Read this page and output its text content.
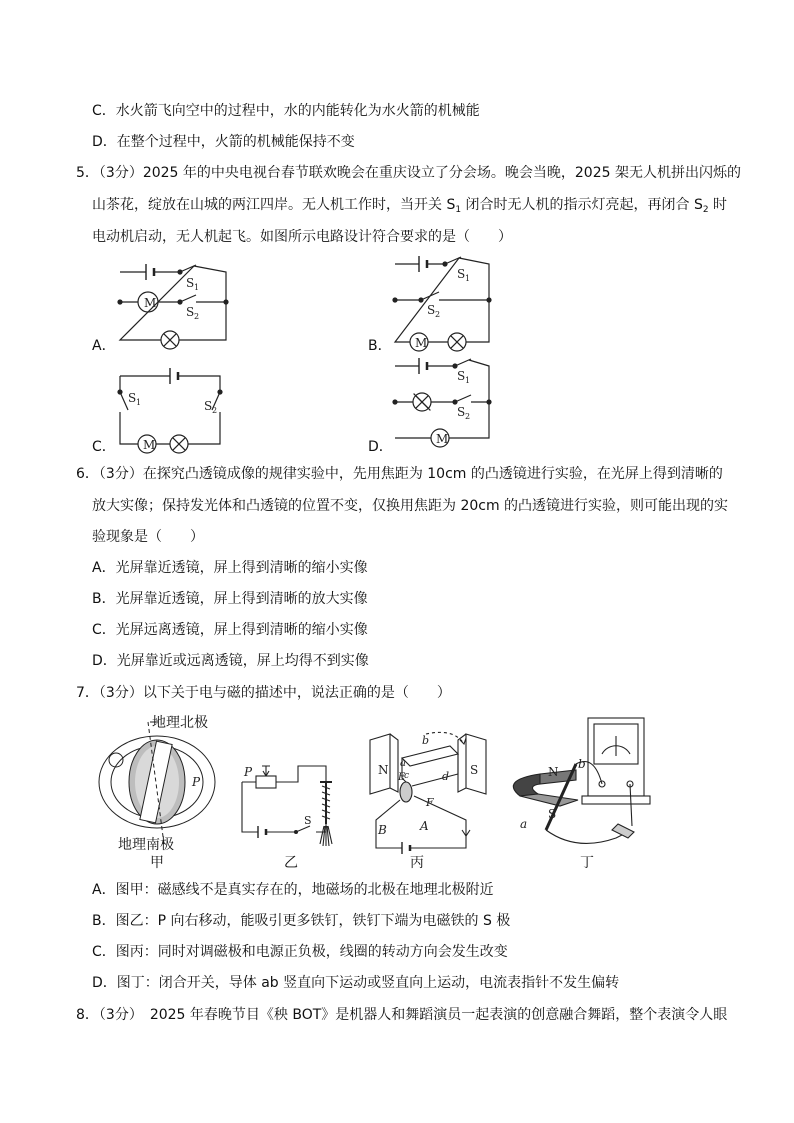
C．水火箭飞向空中的过程中，水的内能转化为水火箭的机械能
D．在整个过程中，火箭的机械能保持不变
5．（3分）2025 年的中央电视台春节联欢晚会在重庆设立了分会场。晚会当晚，2025 架无人机拼出闪烁的
山茶花，绽放在山城的两江四岸。无人机工作时，当开关 $S_1$ 闭合时无人机的指示灯亮起，再闭合 $S_2$ 时
电动机启动，无人机起飞。如图所示电路设计符合要求的是（　　）
A．
M
S 1
S 2
B． M
S 1
S 2
C． M
S 1	S 2
D．	M
S 1
S 2
6．（3分）在探究凸透镜成像的规律实验中，先用焦距为 10cm 的凸透镜进行实验，在光屏上得到清晰的
放大实像；保持发光体和凸透镜的位置不变，仅换用焦距为 20cm 的凸透镜进行实验，则可能出现的实
验现象是（　　）
A．光屏靠近透镜，屏上得到清晰的缩小实像
B．光屏靠近透镜，屏上得到清晰的放大实像
C．光屏远离透镜，屏上得到清晰的缩小实像
D．光屏靠近或远离透镜，屏上均得不到实像
7．（3分）以下关于电与磁的描述中，说法正确的是（　　）
P
地理北极
地理南极
甲
S
P
乙
N	S
b
a
d
E
F
B	A
c
丙
N
S
b
a
丁
A．图甲：磁感线不是真实存在的，地磁场的北极在地理北极附近
B．图乙：P 向右移动，能吸引更多铁钉，铁钉下端为电磁铁的 S 极
C．图丙：同时对调磁极和电源正负极，线圈的转动方向会发生改变
D．图丁：闭合开关，导体 ab 竖直向下运动或竖直向上运动，电流表指针不发生偏转
8．（3分）　2025 年春晚节目《秧 BOT》是机器人和舞蹈演员一起表演的创意融合舞蹈，整个表演令人眼
